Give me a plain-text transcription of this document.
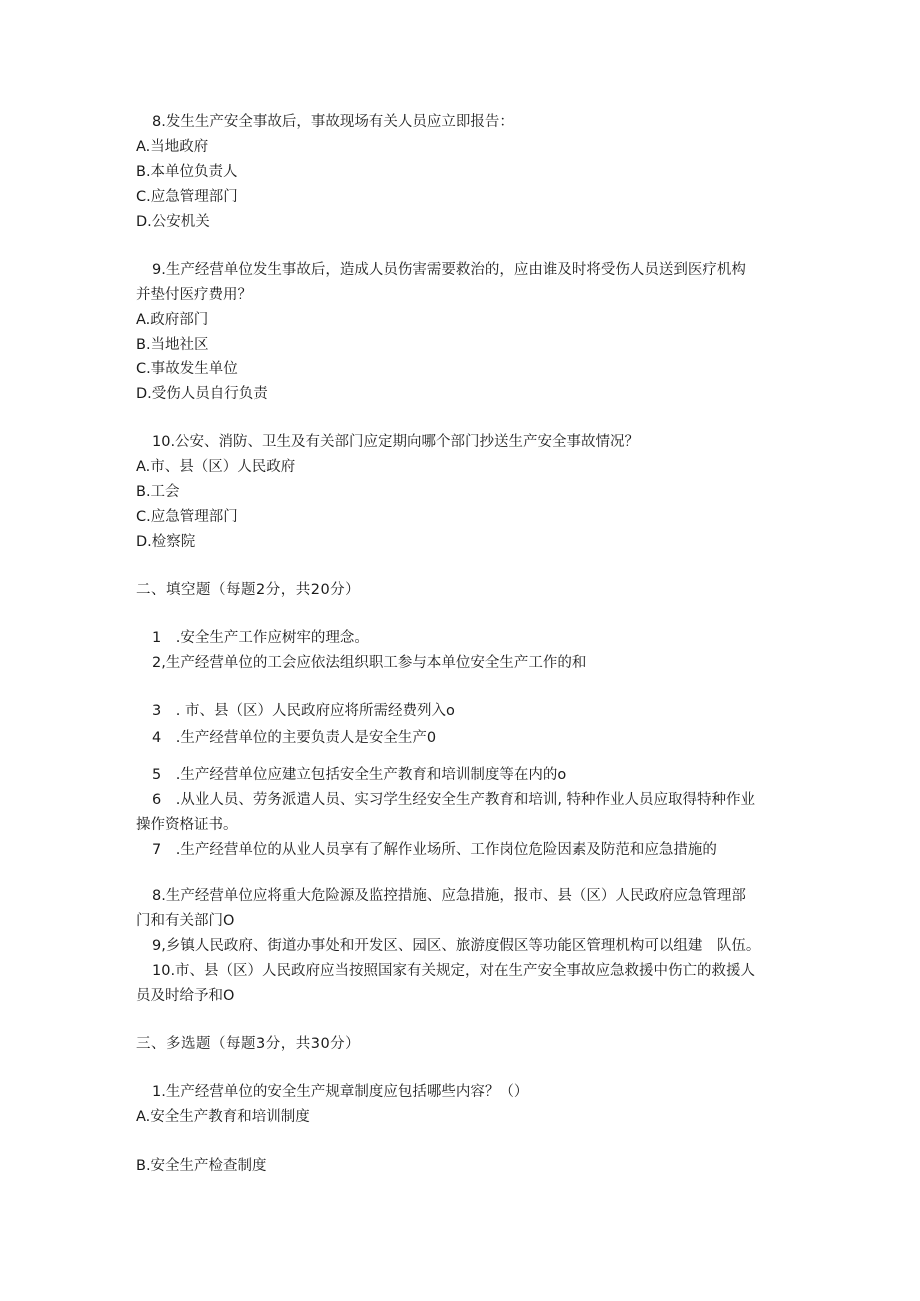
8.发生生产安全事故后，事故现场有关人员应立即报告：
A.当地政府
B.本单位负责人
C.应急管理部门
D.公安机关
9.生产经营单位发生事故后，造成人员伤害需要救治的，应由谁及时将受伤人员送到医疗机构
并垫付医疗费用？
A.政府部门
B.当地社区
C.事故发生单位
D.受伤人员自行负责
10.公安、消防、卫生及有关部门应定期向哪个部门抄送生产安全事故情况？
A.市、县（区）人民政府
B.工会
C.应急管理部门
D.检察院
二、填空题（每题2分，共20分）
1　.安全生产工作应树牢的理念。
2,生产经营单位的工会应依法组织职工参与本单位安全生产工作的和
3　. 市、县（区）人民政府应将所需经费列入o
4　.生产经营单位的主要负责人是安全生产0
5　.生产经营单位应建立包括安全生产教育和培训制度等在内的o
6　.从业人员、劳务派遣人员、实习学生经安全生产教育和培训, 特种作业人员应取得特种作业
操作资格证书。
7　.生产经营单位的从业人员享有了解作业场所、工作岗位危险因素及防范和应急措施的
8.生产经营单位应将重大危险源及监控措施、应急措施，报市、县（区）人民政府应急管理部
门和有关部门O
9,乡镇人民政府、街道办事处和开发区、园区、旅游度假区等功能区管理机构可以组建　队伍。
10.市、县（区）人民政府应当按照国家有关规定，对在生产安全事故应急救援中伤亡的救援人
员及时给予和O
三、多选题（每题3分，共30分）
1.生产经营单位的安全生产规章制度应包括哪些内容？（）
A.安全生产教育和培训制度
B.安全生产检查制度
